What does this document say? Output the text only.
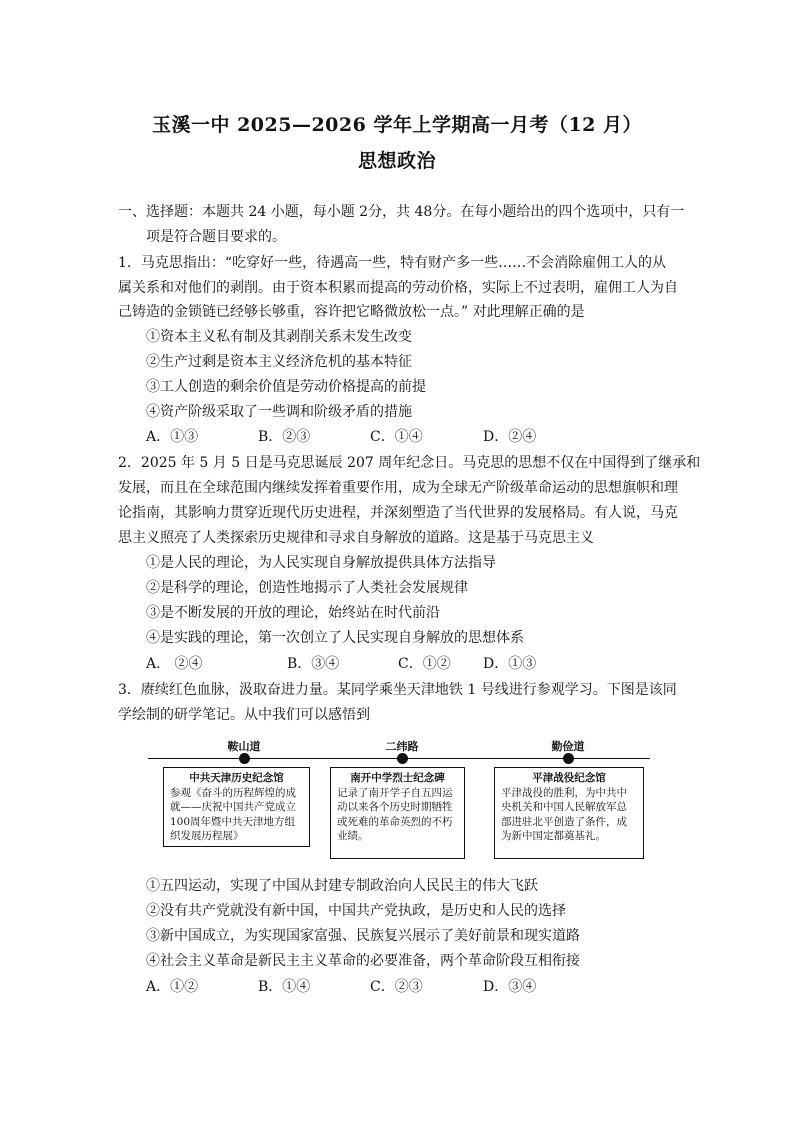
玉溪一中 2025—2026 学年上学期高一月考（12 月）
思想政治
一、选择题：本题共 24 小题，每小题 2分，共 48分。在每小题给出的四个选项中，只有一
项是符合题目要求的。
1．马克思指出：“吃穿好一些，待遇高一些，特有财产多一些……不会消除雇佣工人的从
属关系和对他们的剥削。由于资本积累而提高的劳动价格，实际上不过表明，雇佣工人为自
己铸造的金锁链已经够长够重，容许把它略微放松一点。” 对此理解正确的是
①资本主义私有制及其剥削关系未发生改变
②生产过剩是资本主义经济危机的基本特征
③工人创造的剩余价值是劳动价格提高的前提
④资产阶级采取了一些调和阶级矛盾的措施
A．①③	B．②③	C．①④	D．②④
2．2025 年 5 月 5 日是马克思诞辰 207 周年纪念日。马克思的思想不仅在中国得到了继承和
发展，而且在全球范围内继续发挥着重要作用，成为全球无产阶级革命运动的思想旗帜和理
论指南，其影响力贯穿近现代历史进程，并深刻塑造了当代世界的发展格局。有人说，马克
思主义照亮了人类探索历史规律和寻求自身解放的道路。这是基于马克思主义
①是人民的理论，为人民实现自身解放提供具体方法指导
②是科学的理论，创造性地揭示了人类社会发展规律
③是不断发展的开放的理论，始终站在时代前沿
④是实践的理论，第一次创立了人民实现自身解放的思想体系
A． ②④	B．③④	C．①② D．①③
3．赓续红色血脉，汲取奋进力量。某同学乘坐天津地铁 1 号线进行参观学习。下图是该同
学绘制的研学笔记。从中我们可以感悟到
鞍山道	二纬路	勤俭道
中共天津历史纪念馆
参观《奋斗的历程辉煌的成就——庆祝中国共产党成立100周年暨中共天津地方组织发展历程展》
南开中学烈士纪念碑
记录了南开学子自五四运动以来各个历史时期牺牲或死难的革命英烈的不朽业绩。
平津战役纪念馆
平津战役的胜利，为中共中央机关和中国人民解放军总部进驻北平创造了条件，成为新中国定都奠基礼。
①五四运动，实现了中国从封建专制政治向人民民主的伟大飞跃
②没有共产党就没有新中国，中国共产党执政，是历史和人民的选择
③新中国成立，为实现国家富强、民族复兴展示了美好前景和现实道路
④社会主义革命是新民主主义革命的必要准备，两个革命阶段互相衔接
A．①②	B．①④	C．②③	D．③④
